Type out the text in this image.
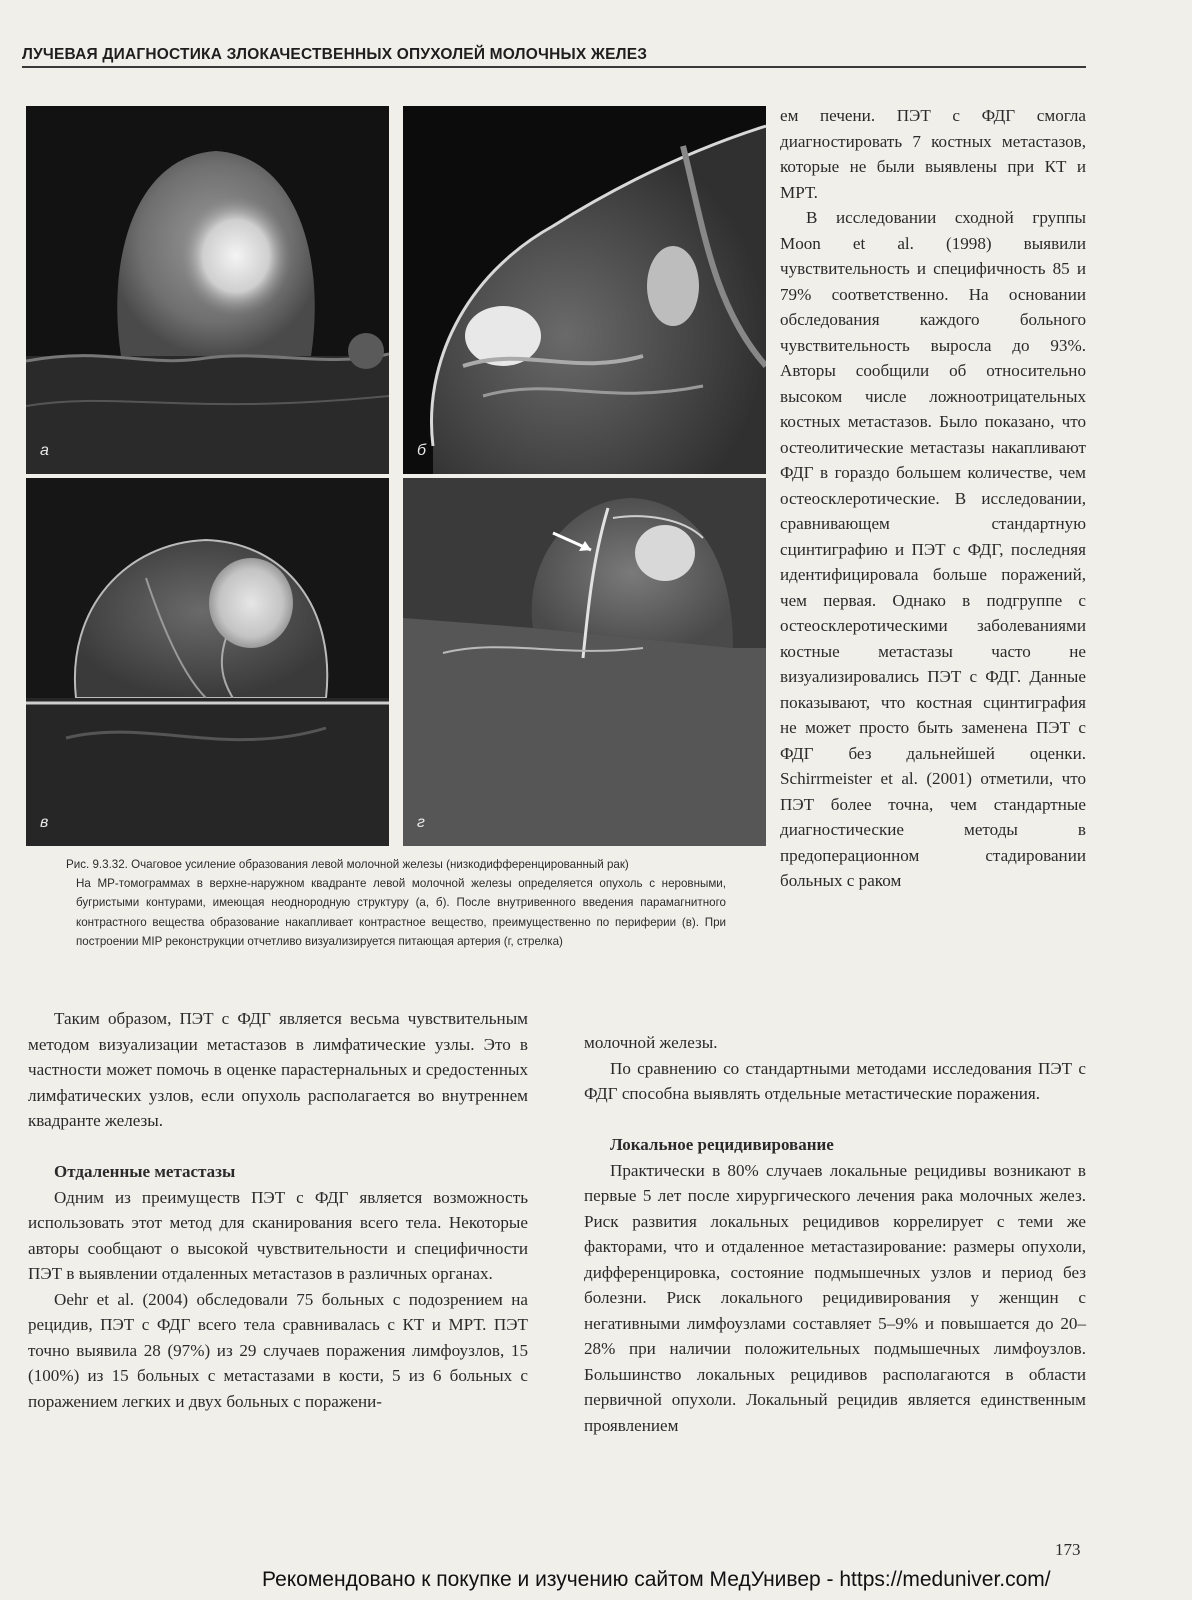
ЛУЧЕВАЯ ДИАГНОСТИКА ЗЛОКАЧЕСТВЕННЫХ ОПУХОЛЕЙ МОЛОЧНЫХ ЖЕЛЕЗ
а	б
в	г
Рис. 9.3.32. Очаговое усиление образования левой молочной железы (низкодифференцированный рак)
На МР-томограммах в верхне-наружном квадранте левой молочной железы определяется опухоль с неровными, бугристыми контурами, имеющая неоднородную структуру (а, б). После внутривенного введения парамагнитного контрастного вещества образование накапливает контрастное вещество, преимущественно по периферии (в). При построении MIP реконструкции отчетливо визуализируется питающая артерия (г, стрелка)

ем печени. ПЭТ с ФДГ смогла диагностировать 7 костных метастазов, которые не были выявлены при КТ и МРТ.

В исследовании сходной группы Moon et al. (1998) выявили чувствительность и специфичность 85 и 79% соответственно. На основании обследования каждого больного чувствительность выросла до 93%. Авторы сообщили об относительно высоком числе ложноотрицательных костных метастазов. Было показано, что остеолитические метастазы накапливают ФДГ в гораздо большем количестве, чем остеосклеротические. В исследовании, сравнивающем стандартную сцинтиграфию и ПЭТ с ФДГ, последняя идентифицировала больше поражений, чем первая. Однако в подгруппе с остеосклеротическими заболеваниями костные метастазы часто не визуализировались ПЭТ с ФДГ. Данные показывают, что костная сцинтиграфия не может просто быть заменена ПЭТ с ФДГ без дальнейшей оценки. Schirrmeister et al. (2001) отметили, что ПЭТ более точна, чем стандартные диагностические методы в предоперационном стадировании больных с раком

Таким образом, ПЭТ с ФДГ является весьма чувствительным методом визуализации метастазов в лимфатические узлы. Это в частности может помочь в оценке парастернальных и средостенных лимфатических узлов, если опухоль располагается во внутреннем квадранте железы.

Отдаленные метастазы

Одним из преимуществ ПЭТ с ФДГ является возможность использовать этот метод для сканирования всего тела. Некоторые авторы сообщают о высокой чувствительности и специфичности ПЭТ в выявлении отдаленных метастазов в различных органах.

Oehr et al. (2004) обследовали 75 больных с подозрением на рецидив, ПЭТ с ФДГ всего тела сравнивалась с КТ и МРТ. ПЭТ точно выявила 28 (97%) из 29 случаев поражения лимфоузлов, 15 (100%) из 15 больных с метастазами в кости, 5 из 6 больных с поражением легких и двух больных с поражени-

молочной железы.

По сравнению со стандартными методами исследования ПЭТ с ФДГ способна выявлять отдельные метастические поражения.

Локальное рецидивирование

Практически в 80% случаев локальные рецидивы возникают в первые 5 лет после хирургического лечения рака молочных желез. Риск развития локальных рецидивов коррелирует с теми же факторами, что и отдаленное метастазирование: размеры опухоли, дифференцировка, состояние подмышечных узлов и период без болезни. Риск локального рецидивирования у женщин с негативными лимфоузлами составляет 5–9% и повышается до 20–28% при наличии положительных подмышечных лимфоузлов. Большинство локальных рецидивов располагаются в области первичной опухоли. Локальный рецидив является единственным проявлением

173
Рекомендовано к покупке и изучению сайтом МедУнивер - https://meduniver.com/
